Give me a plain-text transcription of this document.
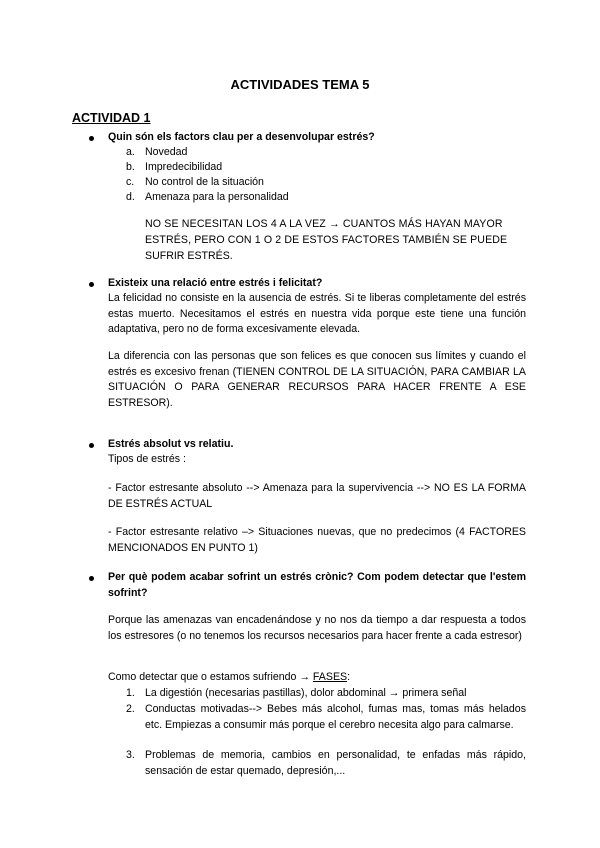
ACTIVIDADES TEMA 5
ACTIVIDAD 1
Quin són els factors clau per a desenvolupar estrés?
a. Novedad
b. Impredecibilidad
c. No control de la situación
d. Amenaza para la personalidad
NO SE NECESITAN LOS 4 A LA VEZ → CUANTOS MÁS HAYAN MAYOR
ESTRÉS, PERO CON 1 O 2 DE ESTOS FACTORES TAMBIÉN SE PUEDE
SUFRIR ESTRÉS.
Existeix una relació entre estrés i felicitat?
La felicidad no consiste en la ausencia de estrés. Si te liberas completamente del estrés estas muerto. Necesitamos el estrés en nuestra vida porque este tiene una función adaptativa, pero no de forma excesivamente elevada.
La diferencia con las personas que son felices es que conocen sus límites y cuando el estrés es excesivo frenan (TIENEN CONTROL DE LA SITUACIÓN, PARA CAMBIAR LA SITUACIÓN O PARA GENERAR RECURSOS PARA HACER FRENTE A ESE ESTRESOR).
Estrés absolut vs relatiu.
Tipos de estrés :
- Factor estresante absoluto --> Amenaza para la supervivencia --> NO ES LA FORMA DE ESTRÉS ACTUAL
- Factor estresante relativo –> Situaciones nuevas, que no predecimos (4 FACTORES MENCIONADOS EN PUNTO 1)
Per què podem acabar sofrint un estrés crònic? Com podem detectar que l'estem sofrint?
Porque las amenazas van encadenándose y no nos da tiempo a dar respuesta a todos los estresores (o no tenemos los recursos necesarios para hacer frente a cada estresor)
Como detectar que o estamos sufriendo → FASES:
1. La digestión (necesarias pastillas), dolor abdominal → primera señal
2. Conductas motivadas--> Bebes más alcohol, fumas mas, tomas más helados etc. Empiezas a consumir más porque el cerebro necesita algo para calmarse.
3. Problemas de memoria, cambios en personalidad, te enfadas más rápido, sensación de estar quemado, depresión,...
